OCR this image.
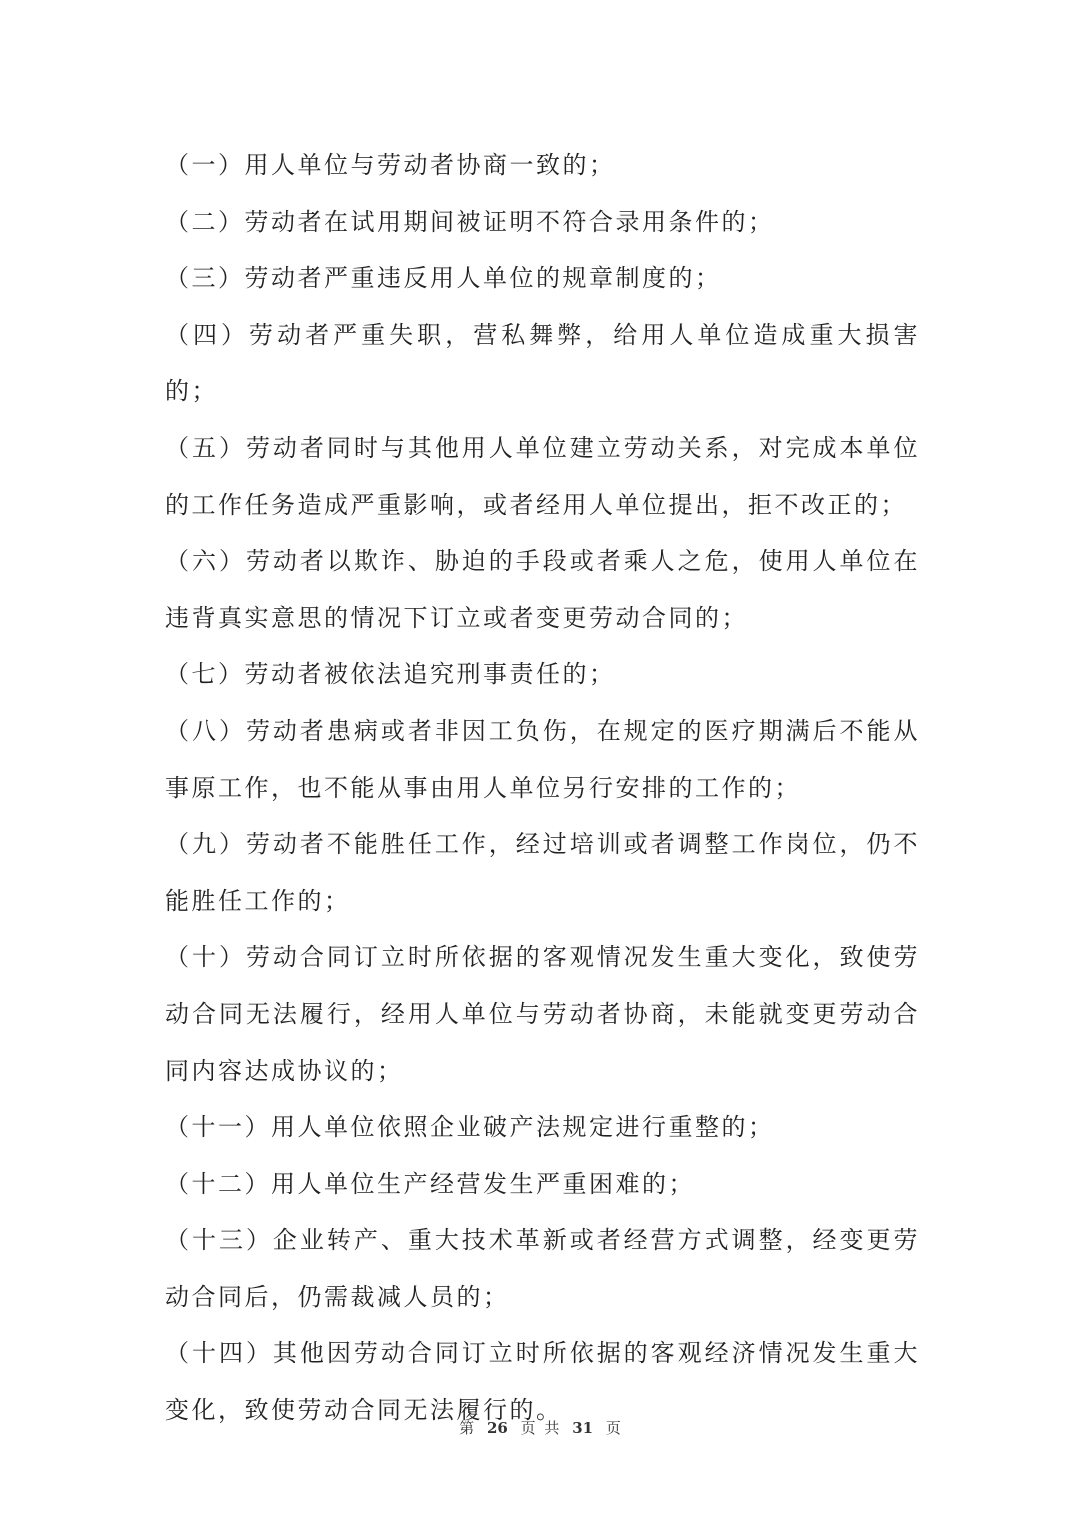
（一）用人单位与劳动者协商一致的；

（二）劳动者在试用期间被证明不符合录用条件的；

（三）劳动者严重违反用人单位的规章制度的；

（四）劳动者严重失职，营私舞弊，给用人单位造成重大损害的；

（五）劳动者同时与其他用人单位建立劳动关系，对完成本单位的工作任务造成严重影响，或者经用人单位提出，拒不改正的；

（六）劳动者以欺诈、胁迫的手段或者乘人之危，使用人单位在违背真实意思的情况下订立或者变更劳动合同的；

（七）劳动者被依法追究刑事责任的；

（八）劳动者患病或者非因工负伤，在规定的医疗期满后不能从事原工作，也不能从事由用人单位另行安排的工作的；

（九）劳动者不能胜任工作，经过培训或者调整工作岗位，仍不能胜任工作的；

（十）劳动合同订立时所依据的客观情况发生重大变化，致使劳动合同无法履行，经用人单位与劳动者协商，未能就变更劳动合同内容达成协议的；

（十一）用人单位依照企业破产法规定进行重整的；

（十二）用人单位生产经营发生严重困难的；

（十三）企业转产、重大技术革新或者经营方式调整，经变更劳动合同后，仍需裁减人员的；

（十四）其他因劳动合同订立时所依据的客观经济情况发生重大变化，致使劳动合同无法履行的。

第 26 页 共 31 页
